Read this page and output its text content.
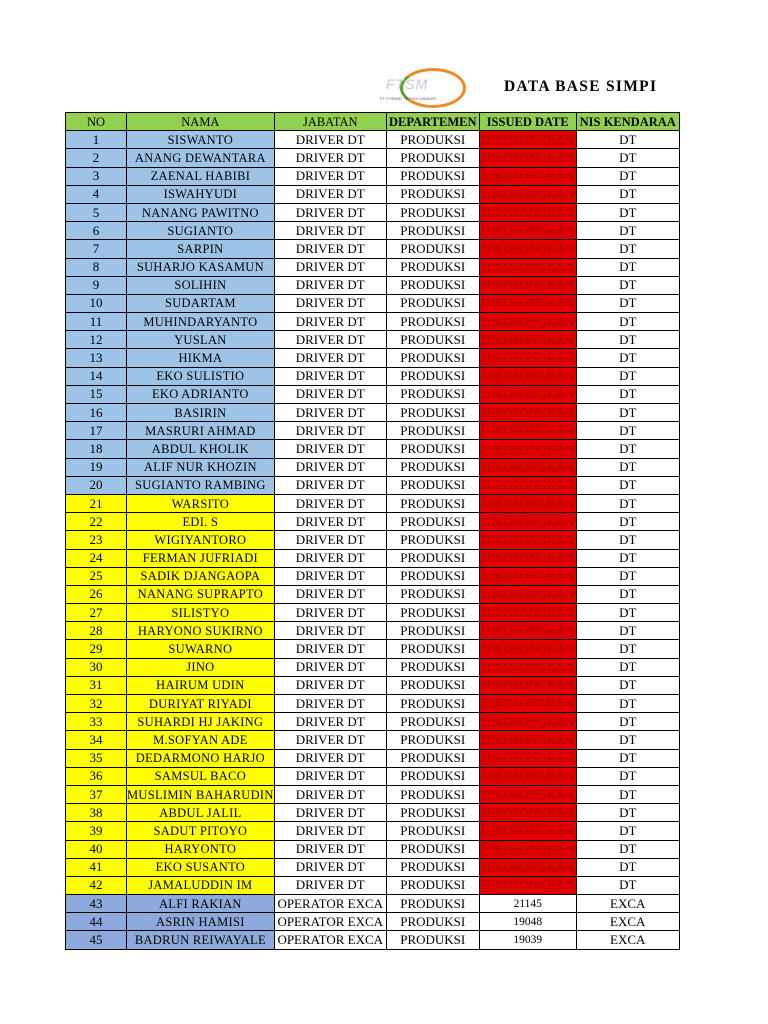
FTSM
PT FORMAT TEKNIK MANDIRI
DATA BASE SIMPI
NO	NAMA	JABATAN	DEPARTEMEN	ISSUED DATE	NIS KENDARAA
1	SISWANTO	DRIVER DT	PRODUKSI	DIKOSONGKAN	DT
2	ANANG DEWANTARA	DRIVER DT	PRODUKSI	DIKOSONGKAN	DT
3	ZAENAL HABIBI	DRIVER DT	PRODUKSI	DIKOSONGKAN	DT
4	ISWAHYUDI	DRIVER DT	PRODUKSI	DIKOSONGKAN	DT
5	NANANG PAWITNO	DRIVER DT	PRODUKSI	DIKOSONGKAN	DT
6	SUGIANTO	DRIVER DT	PRODUKSI	DIKOSONGKAN	DT
7	SARPIN	DRIVER DT	PRODUKSI	DIKOSONGKAN	DT
8	SUHARJO KASAMUN	DRIVER DT	PRODUKSI	DIKOSONGKAN	DT
9	SOLIHIN	DRIVER DT	PRODUKSI	DIKOSONGKAN	DT
10	SUDARTAM	DRIVER DT	PRODUKSI	DIKOSONGKAN	DT
11	MUHINDARYANTO	DRIVER DT	PRODUKSI	DIKOSONGKAN	DT
12	YUSLAN	DRIVER DT	PRODUKSI	DIKOSONGKAN	DT
13	HIKMA	DRIVER DT	PRODUKSI	DIKOSONGKAN	DT
14	EKO SULISTIO	DRIVER DT	PRODUKSI	DIKOSONGKAN	DT
15	EKO ADRIANTO	DRIVER DT	PRODUKSI	DIKOSONGKAN	DT
16	BASIRIN	DRIVER DT	PRODUKSI	DIKOSONGKAN	DT
17	MASRURI AHMAD	DRIVER DT	PRODUKSI	DIKOSONGKAN	DT
18	ABDUL KHOLIK	DRIVER DT	PRODUKSI	DIKOSONGKAN	DT
19	ALIF NUR KHOZIN	DRIVER DT	PRODUKSI	DIKOSONGKAN	DT
20	SUGIANTO RAMBING	DRIVER DT	PRODUKSI	DIKOSONGKAN	DT
21	WARSITO	DRIVER DT	PRODUKSI	DIKOSONGKAN	DT
22	EDI. S	DRIVER DT	PRODUKSI	DIKOSONGKAN	DT
23	WIGIYANTORO	DRIVER DT	PRODUKSI	DIKOSONGKAN	DT
24	FERMAN JUFRIADI	DRIVER DT	PRODUKSI	DIKOSONGKAN	DT
25	SADIK DJANGAOPA	DRIVER DT	PRODUKSI	DIKOSONGKAN	DT
26	NANANG SUPRAPTO	DRIVER DT	PRODUKSI	DIKOSONGKAN	DT
27	SILISTYO	DRIVER DT	PRODUKSI	DIKOSONGKAN	DT
28	HARYONO SUKIRNO	DRIVER DT	PRODUKSI	DIKOSONGKAN	DT
29	SUWARNO	DRIVER DT	PRODUKSI	DIKOSONGKAN	DT
30	JINO	DRIVER DT	PRODUKSI	DIKOSONGKAN	DT
31	HAIRUM UDIN	DRIVER DT	PRODUKSI	DIKOSONGKAN	DT
32	DURIYAT RIYADI	DRIVER DT	PRODUKSI	DIKOSONGKAN	DT
33	SUHARDI HJ JAKING	DRIVER DT	PRODUKSI	DIKOSONGKAN	DT
34	M.SOFYAN ADE	DRIVER DT	PRODUKSI	DIKOSONGKAN	DT
35	DEDARMONO HARJO	DRIVER DT	PRODUKSI	DIKOSONGKAN	DT
36	SAMSUL BACO	DRIVER DT	PRODUKSI	DIKOSONGKAN	DT
37	MUSLIMIN BAHARUDIN	DRIVER DT	PRODUKSI	DIKOSONGKAN	DT
38	ABDUL JALIL	DRIVER DT	PRODUKSI	DIKOSONGKAN	DT
39	SADUT PITOYO	DRIVER DT	PRODUKSI	DIKOSONGKAN	DT
40	HARYONTO	DRIVER DT	PRODUKSI	DIKOSONGKAN	DT
41	EKO SUSANTO	DRIVER DT	PRODUKSI	DIKOSONGKAN	DT
42	JAMALUDDIN IM	DRIVER DT	PRODUKSI	DIKOSONGKAN	DT
43	ALFI RAKIAN	OPERATOR EXCA	PRODUKSI	21145	EXCA
44	ASRIN HAMISI	OPERATOR EXCA	PRODUKSI	19048	EXCA
45	BADRUN REIWAYALE	OPERATOR EXCA	PRODUKSI	19039	EXCA
